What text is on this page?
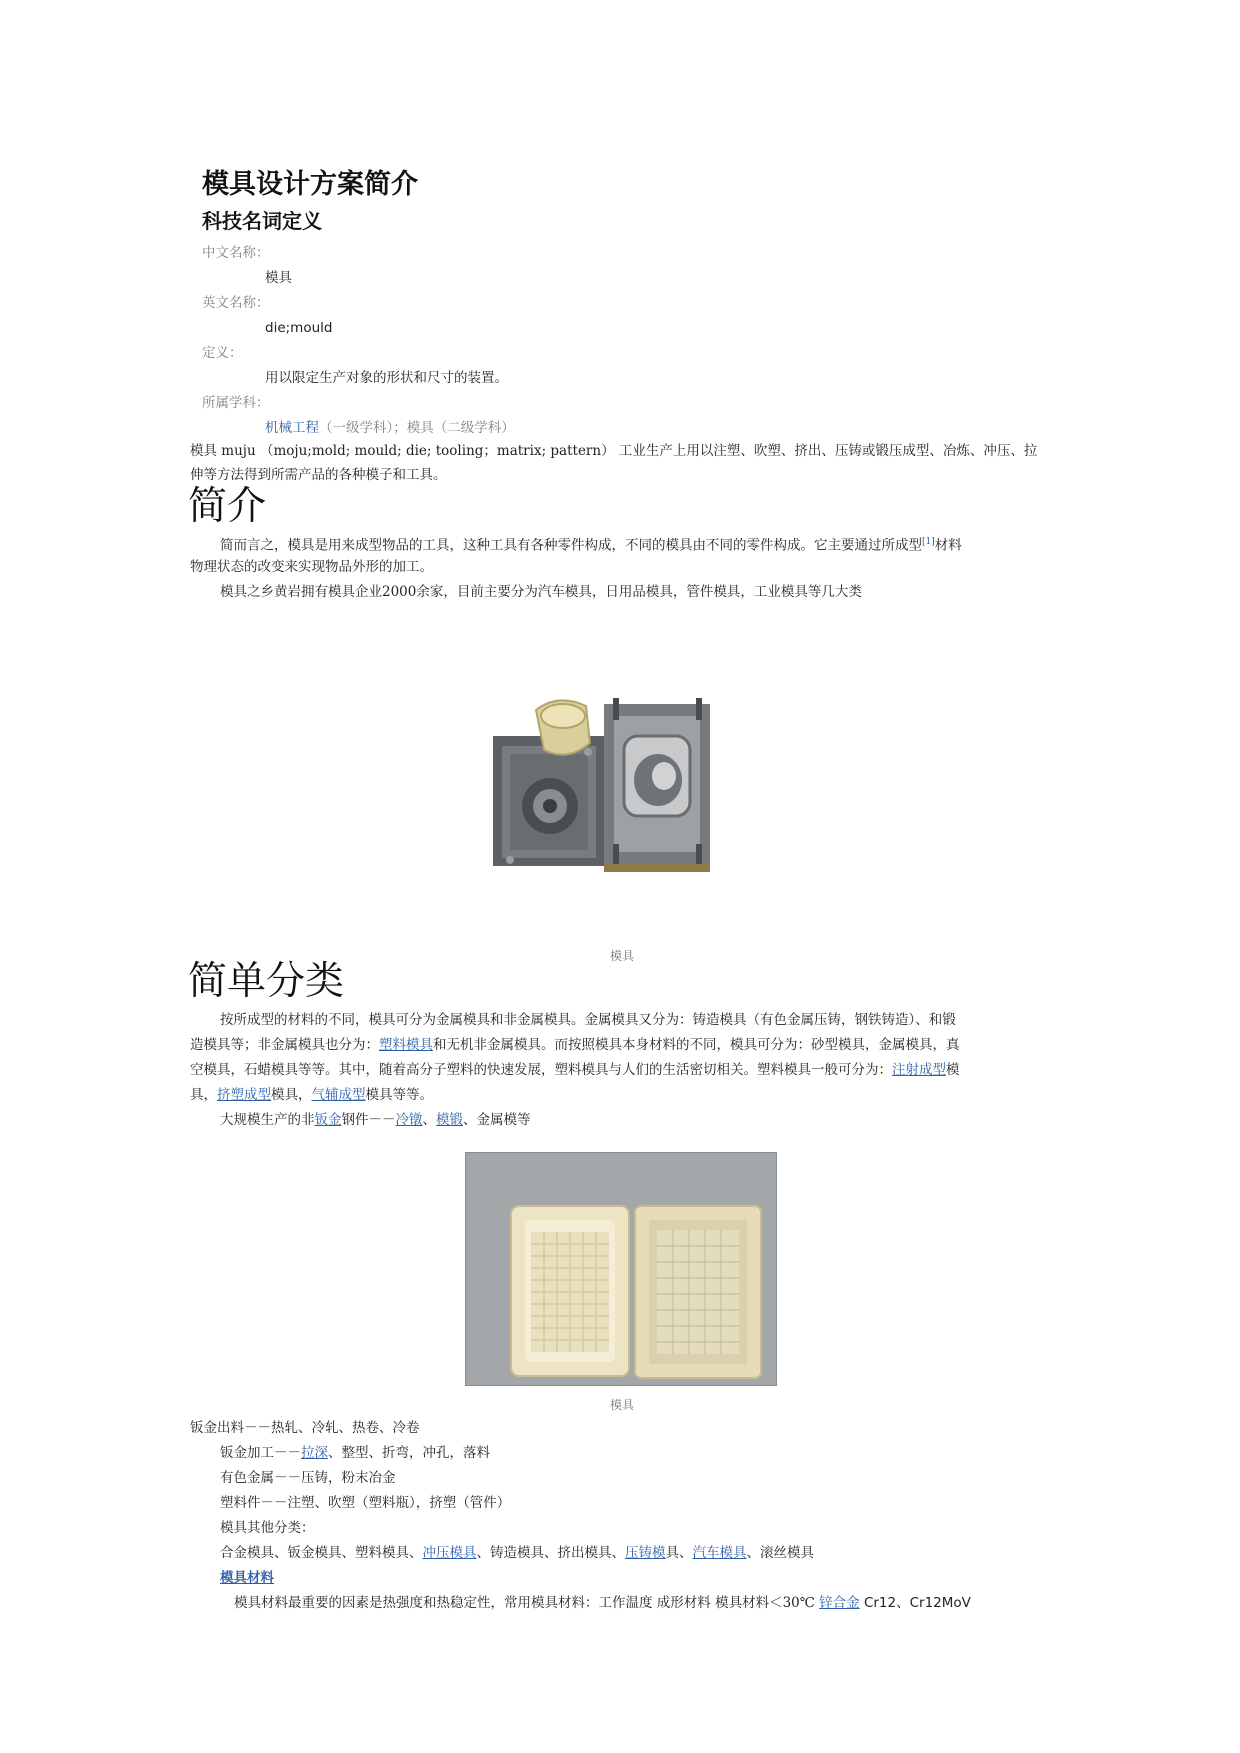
模具设计方案简介
科技名词定义
中文名称：
模具
英文名称：
die;mould
定义：
用以限定生产对象的形状和尺寸的装置。
所属学科：
机械工程（一级学科）；模具（二级学科）
模具 muju （moju;mold; mould; die; tooling；matrix; pattern） 工业生产上用以注塑、吹塑、挤出、压铸或锻压成型、冶炼、冲压、拉
伸等方法得到所需产品的各种模子和工具。
简介
简而言之，模具是用来成型物品的工具，这种工具有各种零件构成，不同的模具由不同的零件构成。它主要通过所成型[1]材料
物理状态的改变来实现物品外形的加工。
模具之乡黄岩拥有模具企业2000余家，目前主要分为汽车模具，日用品模具，管件模具，工业模具等几大类
模具
简单分类
按所成型的材料的不同，模具可分为金属模具和非金属模具。金属模具又分为：铸造模具（有色金属压铸，钢铁铸造）、和锻
造模具等；非金属模具也分为：塑料模具和无机非金属模具。而按照模具本身材料的不同，模具可分为：砂型模具，金属模具，真
空模具，石蜡模具等等。其中，随着高分子塑料的快速发展，塑料模具与人们的生活密切相关。塑料模具一般可分为：注射成型模
具，挤塑成型模具，气辅成型模具等等。
大规模生产的非钣金钢件－－冷镦、模锻、金属模等
模具
钣金出料－－热轧、冷轧、热卷、冷卷
钣金加工－－拉深、整型、折弯，冲孔，落料
有色金属－－压铸，粉末冶金
塑料件－－注塑、吹塑（塑料瓶），挤塑（管件）
模具其他分类：
合金模具、钣金模具、塑料模具、冲压模具、铸造模具、挤出模具、压铸模具、汽车模具、滚丝模具
模具材料
模具材料最重要的因素是热强度和热稳定性，常用模具材料：工作温度 成形材料 模具材料＜30℃ 锌合金 Cr12、Cr12MoV
